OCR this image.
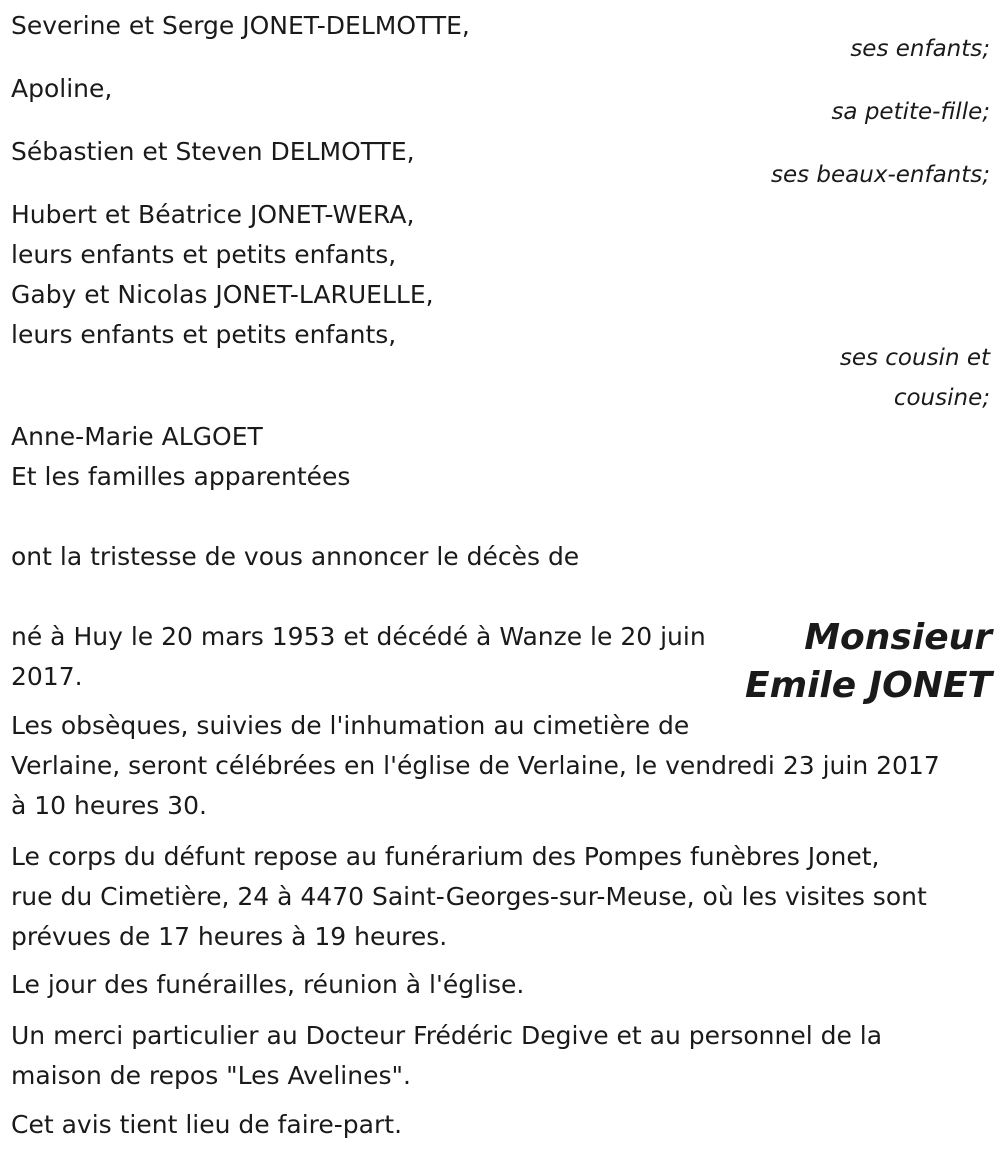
Severine et Serge JONET-DELMOTTE,
ses enfants;
Apoline,
sa petite-fille;
Sébastien et Steven DELMOTTE,
ses beaux-enfants;
Hubert et Béatrice JONET-WERA,
leurs enfants et petits enfants,
Gaby et Nicolas JONET-LARUELLE,
leurs enfants et petits enfants,
ses cousin et
cousine;
Anne-Marie ALGOET
Et les familles apparentées
ont la tristesse de vous annoncer le décès de
Monsieur
Emile JONET
né à Huy le 20 mars 1953 et décédé à Wanze le 20 juin
2017.
Les obsèques, suivies de l'inhumation au cimetière de
Verlaine, seront célébrées en l'église de Verlaine, le vendredi 23 juin 2017
à 10 heures 30.
Le corps du défunt repose au funérarium des Pompes funèbres Jonet,
rue du Cimetière, 24 à 4470 Saint-Georges-sur-Meuse, où les visites sont
prévues de 17 heures à 19 heures.
Le jour des funérailles, réunion à l'église.
Un merci particulier au Docteur Frédéric Degive et au personnel de la
maison de repos "Les Avelines".
Cet avis tient lieu de faire-part.
